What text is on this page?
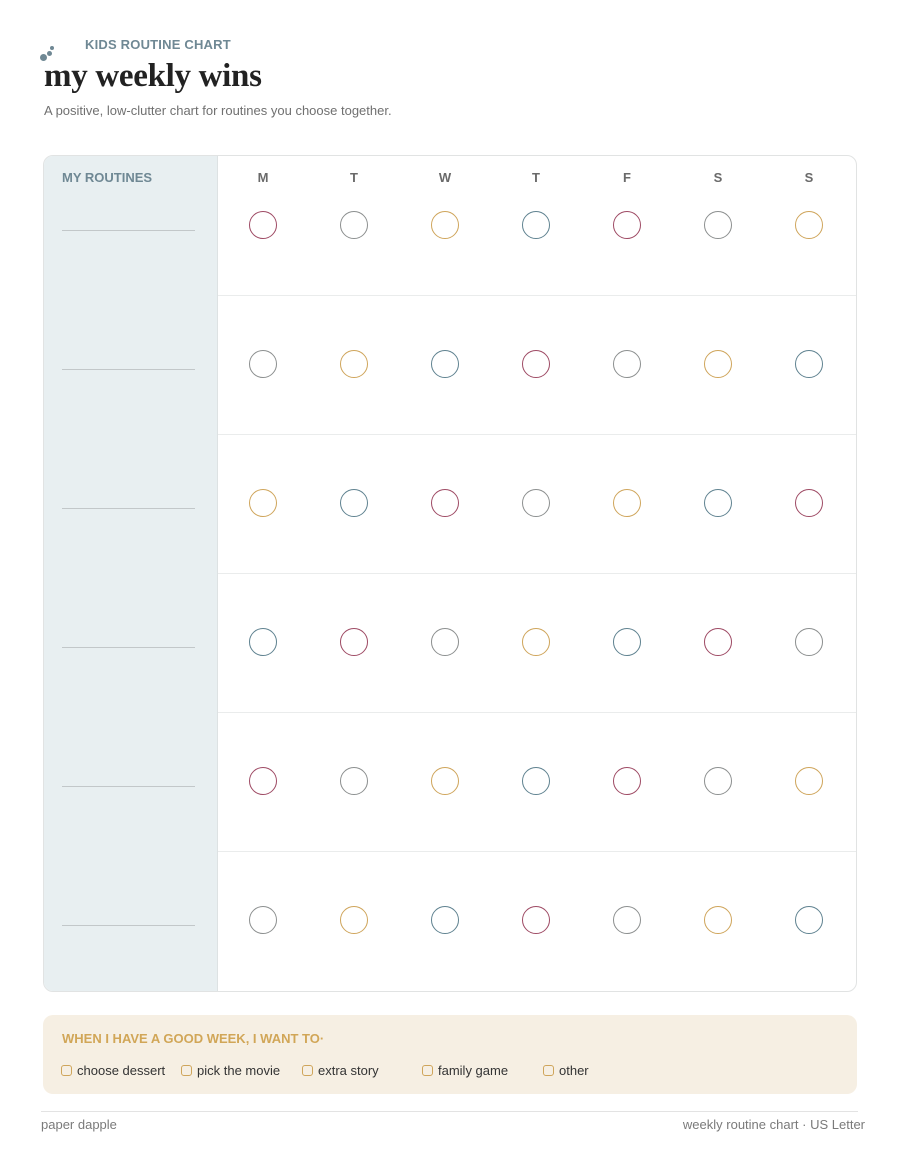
KIDS ROUTINE CHART
my weekly wins

A positive, low-clutter chart for routines you choose together.

MY ROUTINES	M	T	W	T	F	S	S
WHEN I HAVE A GOOD WEEK, I WANT TO·
choose dessert pick the movie	extra story	family game	other
paper dapple	weekly routine chart · US Letter
